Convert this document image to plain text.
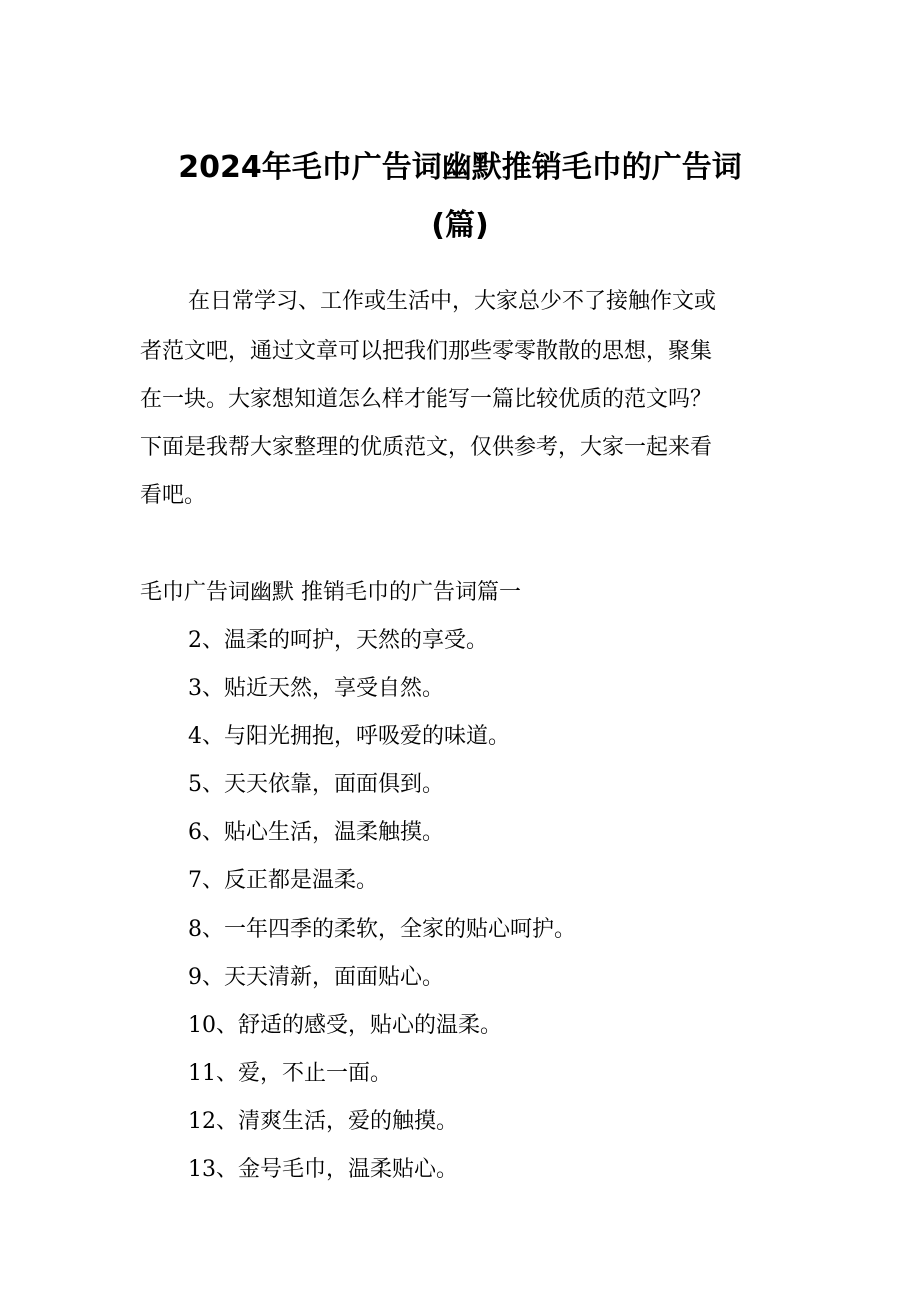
2024年毛巾广告词幽默推销毛巾的广告词
(篇)
在日常学习、工作或生活中，大家总少不了接触作文或
者范文吧，通过文章可以把我们那些零零散散的思想，聚集
在一块。大家想知道怎么样才能写一篇比较优质的范文吗？
下面是我帮大家整理的优质范文，仅供参考，大家一起来看
看吧。
毛巾广告词幽默 推销毛巾的广告词篇一
2、温柔的呵护，天然的享受。
3、贴近天然，享受自然。
4、与阳光拥抱，呼吸爱的味道。
5、天天依靠，面面俱到。
6、贴心生活，温柔触摸。
7、反正都是温柔。
8、一年四季的柔软，全家的贴心呵护。
9、天天清新，面面贴心。
10、舒适的感受，贴心的温柔。
11、爱，不止一面。
12、清爽生活，爱的触摸。
13、金号毛巾，温柔贴心。
